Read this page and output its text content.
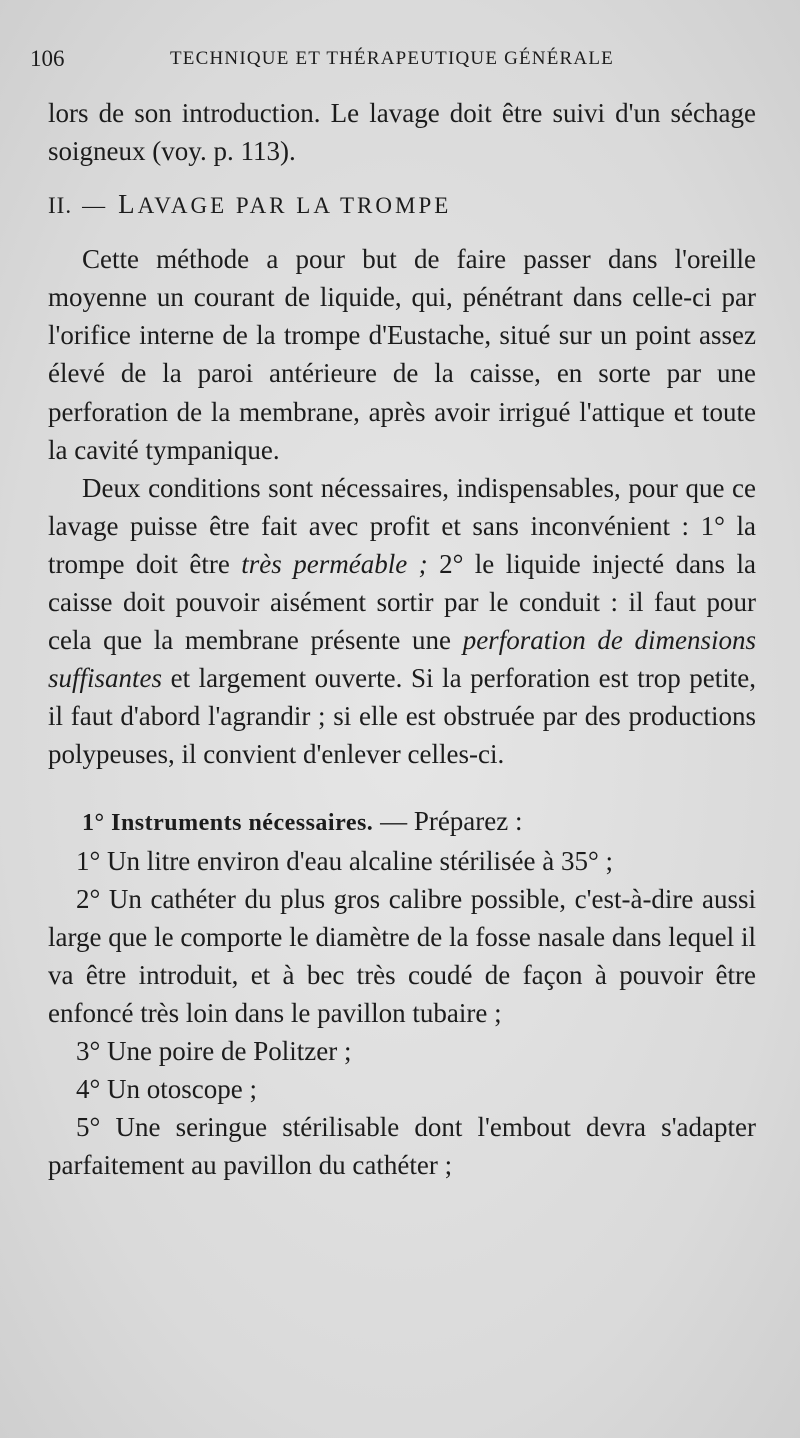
106	TECHNIQUE ET THÉRAPEUTIQUE GÉNÉRALE

lors de son introduction. Le lavage doit être suivi d'un séchage soigneux (voy. p. 113).

II. — LAVAGE PAR LA TROMPE

Cette méthode a pour but de faire passer dans l'oreille moyenne un courant de liquide, qui, pénétrant dans celle-ci par l'orifice interne de la trompe d'Eustache, situé sur un point assez élevé de la paroi antérieure de la caisse, en sorte par une perforation de la membrane, après avoir irrigué l'attique et toute la cavité tympanique.

Deux conditions sont nécessaires, indispensables, pour que ce lavage puisse être fait avec profit et sans inconvénient : 1° la trompe doit être très perméable ; 2° le liquide injecté dans la caisse doit pouvoir aisément sortir par le conduit : il faut pour cela que la membrane présente une perforation de dimensions suffisantes et largement ouverte. Si la perforation est trop petite, il faut d'abord l'agrandir ; si elle est obstruée par des productions polypeuses, il convient d'enlever celles-ci.

1° Instruments nécessaires. — Préparez :

1° Un litre environ d'eau alcaline stérilisée à 35° ;

2° Un cathéter du plus gros calibre possible, c'est-à-dire aussi large que le comporte le diamètre de la fosse nasale dans lequel il va être introduit, et à bec très coudé de façon à pouvoir être enfoncé très loin dans le pavillon tubaire ;

3° Une poire de Politzer ;

4° Un otoscope ;

5° Une seringue stérilisable dont l'embout devra s'adapter parfaitement au pavillon du cathéter ;
